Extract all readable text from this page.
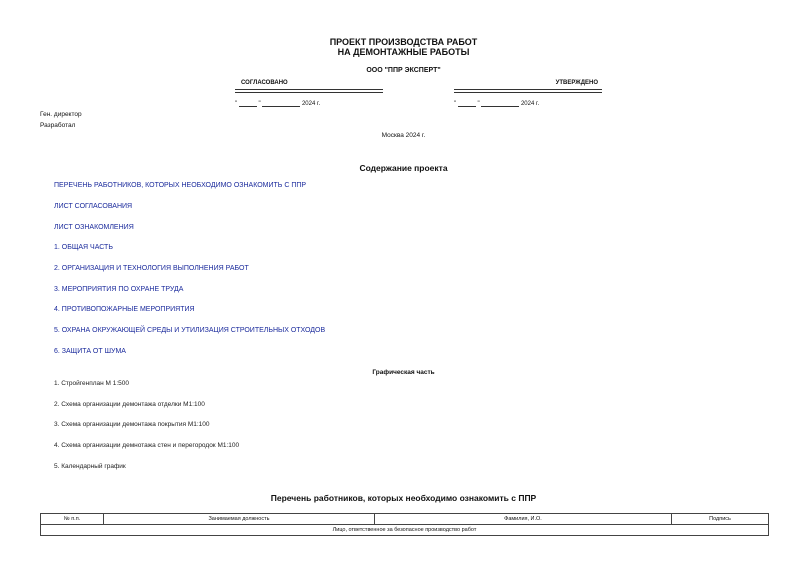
ПРОЕКТ ПРОИЗВОДСТВА РАБОТ
НА ДЕМОНТАЖНЫЕ РАБОТЫ
ООО "ППР ЭКСПЕРТ"
СОГЛАСОВАНО
"	"	2024 г.
УТВЕРЖДЕНО
"	"	2024 г.
Ген. директор
Разработал
Москва 2024 г.
Содержание проекта
ПЕРЕЧЕНЬ РАБОТНИКОВ, КОТОРЫХ НЕОБХОДИМО ОЗНАКОМИТЬ С ППР
ЛИСТ СОГЛАСОВАНИЯ
ЛИСТ ОЗНАКОМЛЕНИЯ
1. ОБЩАЯ ЧАСТЬ
2. ОРГАНИЗАЦИЯ И ТЕХНОЛОГИЯ ВЫПОЛНЕНИЯ РАБОТ
3. МЕРОПРИЯТИЯ ПО ОХРАНЕ ТРУДА
4. ПРОТИВОПОЖАРНЫЕ МЕРОПРИЯТИЯ
5. ОХРАНА ОКРУЖАЮЩЕЙ СРЕДЫ И УТИЛИЗАЦИЯ СТРОИТЕЛЬНЫХ ОТХОДОВ
6. ЗАЩИТА ОТ ШУМА
Графическая часть
1. Стройгенплан М 1:500
2. Схема организации демонтажа отделки М1:100
3. Схема организации демонтажа покрытия М1:100
4. Схема организации демнотажа стен и перегородок М1:100
5. Календарный график
Перечень работников, которых необходимо ознакомить с ППР
№ п.п.	Занимаемая должность	Фамилия, И.О.	Подпись
Лицо, ответственное за безопасное производство работ
